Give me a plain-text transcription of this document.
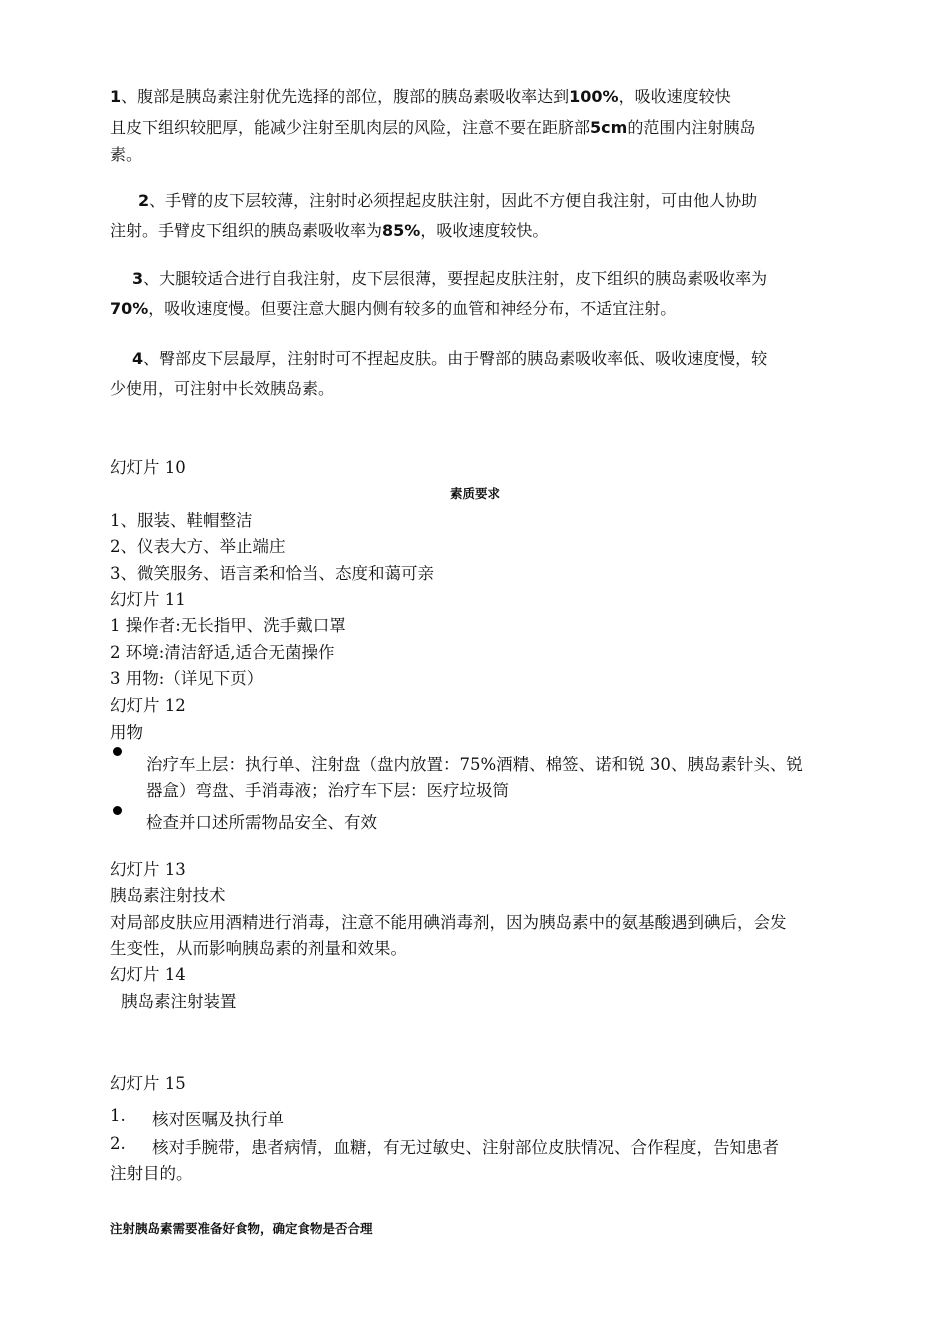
1、腹部是胰岛素注射优先选择的部位，腹部的胰岛素吸收率达到100%，吸收速度较快
且皮下组织较肥厚，能减少注射至肌肉层的风险，注意不要在距脐部5cm的范围内注射胰岛
素。
2、手臂的皮下层较薄，注射时必须捏起皮肤注射，因此不方便自我注射，可由他人协助
注射。手臂皮下组织的胰岛素吸收率为85%，吸收速度较快。
3、大腿较适合进行自我注射，皮下层很薄，要捏起皮肤注射，皮下组织的胰岛素吸收率为
70%，吸收速度慢。但要注意大腿内侧有较多的血管和神经分布，不适宜注射。
4、臀部皮下层最厚，注射时可不捏起皮肤。由于臀部的胰岛素吸收率低、吸收速度慢，较
少使用，可注射中长效胰岛素。
幻灯片 10
素质要求
1、服装、鞋帽整洁
2、仪表大方、举止端庄
3、微笑服务、语言柔和恰当、态度和蔼可亲
幻灯片 11
1 操作者:无长指甲、洗手戴口罩
2 环境:清洁舒适,适合无菌操作
3 用物:（详见下页）
幻灯片 12
用物
治疗车上层：执行单、注射盘（盘内放置：75%酒精、棉签、诺和锐 30、胰岛素针头、锐
器盒）弯盘、手消毒液；治疗车下层：医疗垃圾筒
检查并口述所需物品安全、有效
幻灯片 13
胰岛素注射技术
对局部皮肤应用酒精进行消毒，注意不能用碘消毒剂，因为胰岛素中的氨基酸遇到碘后，会发
生变性，从而影响胰岛素的剂量和效果。
幻灯片 14
胰岛素注射装置
幻灯片 15
1. 核对医嘱及执行单
2. 核对手腕带，患者病情，血糖，有无过敏史、注射部位皮肤情况、合作程度，告知患者
注射目的。
注射胰岛素需要准备好食物，确定食物是否合理
